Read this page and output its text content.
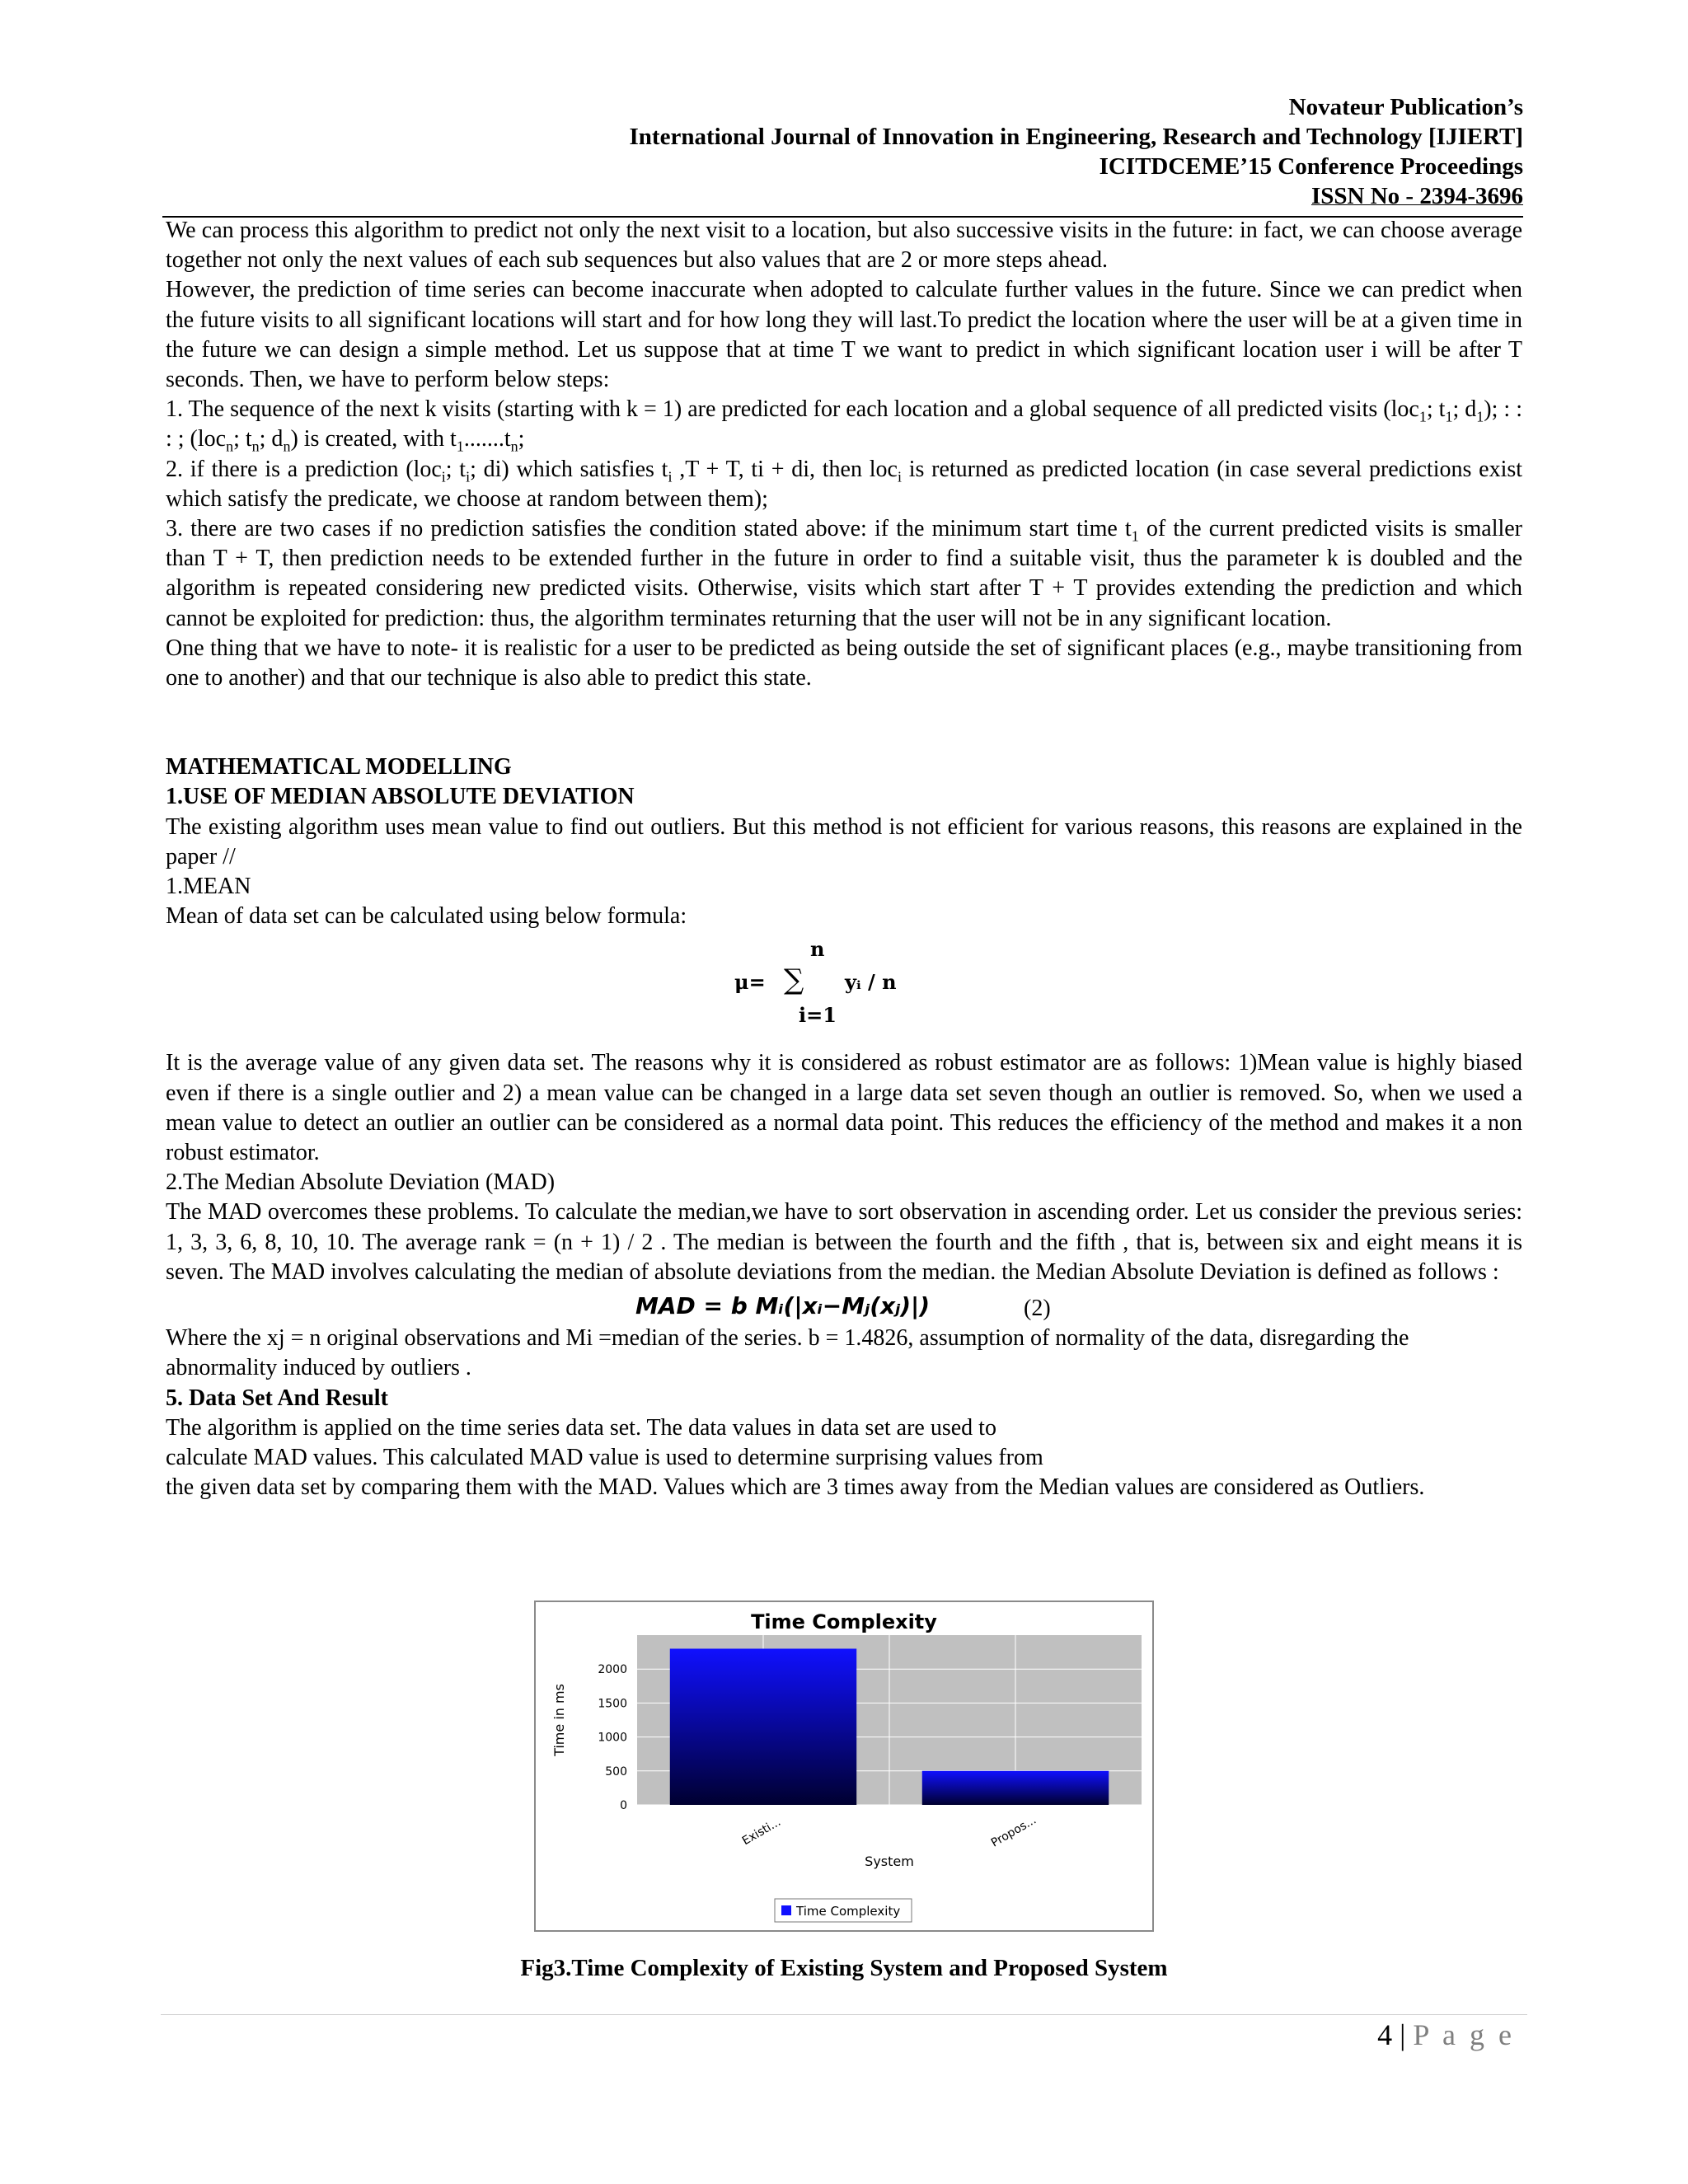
Novateur Publication’s
International Journal of Innovation in Engineering, Research and Technology [IJIERT]
ICITDCEME’15 Conference Proceedings
ISSN No - 2394-3696

We can process this algorithm to predict not only the next visit to a location, but also successive visits in the future: in fact, we can choose average together not only the next values of each sub sequences but also values that are 2 or more steps ahead.

However, the prediction of time series can become inaccurate when adopted to calculate further values in the future. Since we can predict when the future visits to all significant locations will start and for how long they will last.To predict the location where the user will be at a given time in the future we can design a simple method. Let us suppose that at time T we want to predict in which significant location user i will be after T seconds. Then, we have to perform below steps:

1. The sequence of the next k visits (starting with k = 1) are predicted for each location and a global sequence of all predicted visits (loc$_1$; $t_1$; $d_1$); : : : ; (loc$_n$; $t_n$; $d_n$) is created, with $t_1.......t_n$;

2. if there is a prediction (loc$_i$; $t_i$; di) which satisfies $t_i$ ,T + T, ti + di, then loc$_i$ is returned as predicted location (in case several predictions exist which satisfy the predicate, we choose at random between them);

3. there are two cases if no prediction satisfies the condition stated above: if the minimum start time $t_1$ of the current predicted visits is smaller than T + T, then prediction needs to be extended further in the future in order to find a suitable visit, thus the parameter k is doubled and the algorithm is repeated considering new predicted visits. Otherwise, visits which start after T + T provides extending the prediction and which cannot be exploited for prediction: thus, the algorithm terminates returning that the user will not be in any significant location.

One thing that we have to note- it is realistic for a user to be predicted as being outside the set of significant places (e.g., maybe transitioning from one to another) and that our technique is also able to predict this state.

MATHEMATICAL MODELLING

1.USE OF MEDIAN ABSOLUTE DEVIATION

The existing algorithm uses mean value to find out outliers. But this method is not efficient for various reasons, this reasons are explained in the paper //

1.MEAN

Mean of data set can be calculated using below formula:

n
μ= ∑ yᵢ / n
i=1

It is the average value of any given data set. The reasons why it is considered as robust estimator are as follows: 1)Mean value is highly biased even if there is a single outlier and 2) a mean value can be changed in a large data set seven though an outlier is removed. So, when we used a mean value to detect an outlier an outlier can be considered as a normal data point. This reduces the efficiency of the method and makes it a non robust estimator.

2.The Median Absolute Deviation (MAD)

The MAD overcomes these problems. To calculate the median,we have to sort observation in ascending order. Let us consider the previous series: 1, 3, 3, 6, 8, 10, 10. The average rank = (n + 1) / 2 . The median is between the fourth and the fifth , that is, between six and eight means it is seven. The MAD involves calculating the median of absolute deviations from the median. the Median Absolute Deviation is defined as follows :

MAD = b Mᵢ(|xᵢ−Mⱼ(xⱼ)|)	(2)

Where the xj = n original observations and Mi =median of the series. b = 1.4826, assumption of normality of the data, disregarding the abnormality induced by outliers .

5. Data Set And Result

The algorithm is applied on the time series data set. The data values in data set are used to

calculate MAD values. This calculated MAD value is used to determine surprising values from

the given data set by comparing them with the MAD. Values which are 3 times away from the Median values are considered as Outliers.

Time Complexity
0
500
1000
1500
2000
Existi...	Propos...
System
Time in ms
Time Complexity
Fig3.Time Complexity of Existing System and Proposed System
4 | P a g e
